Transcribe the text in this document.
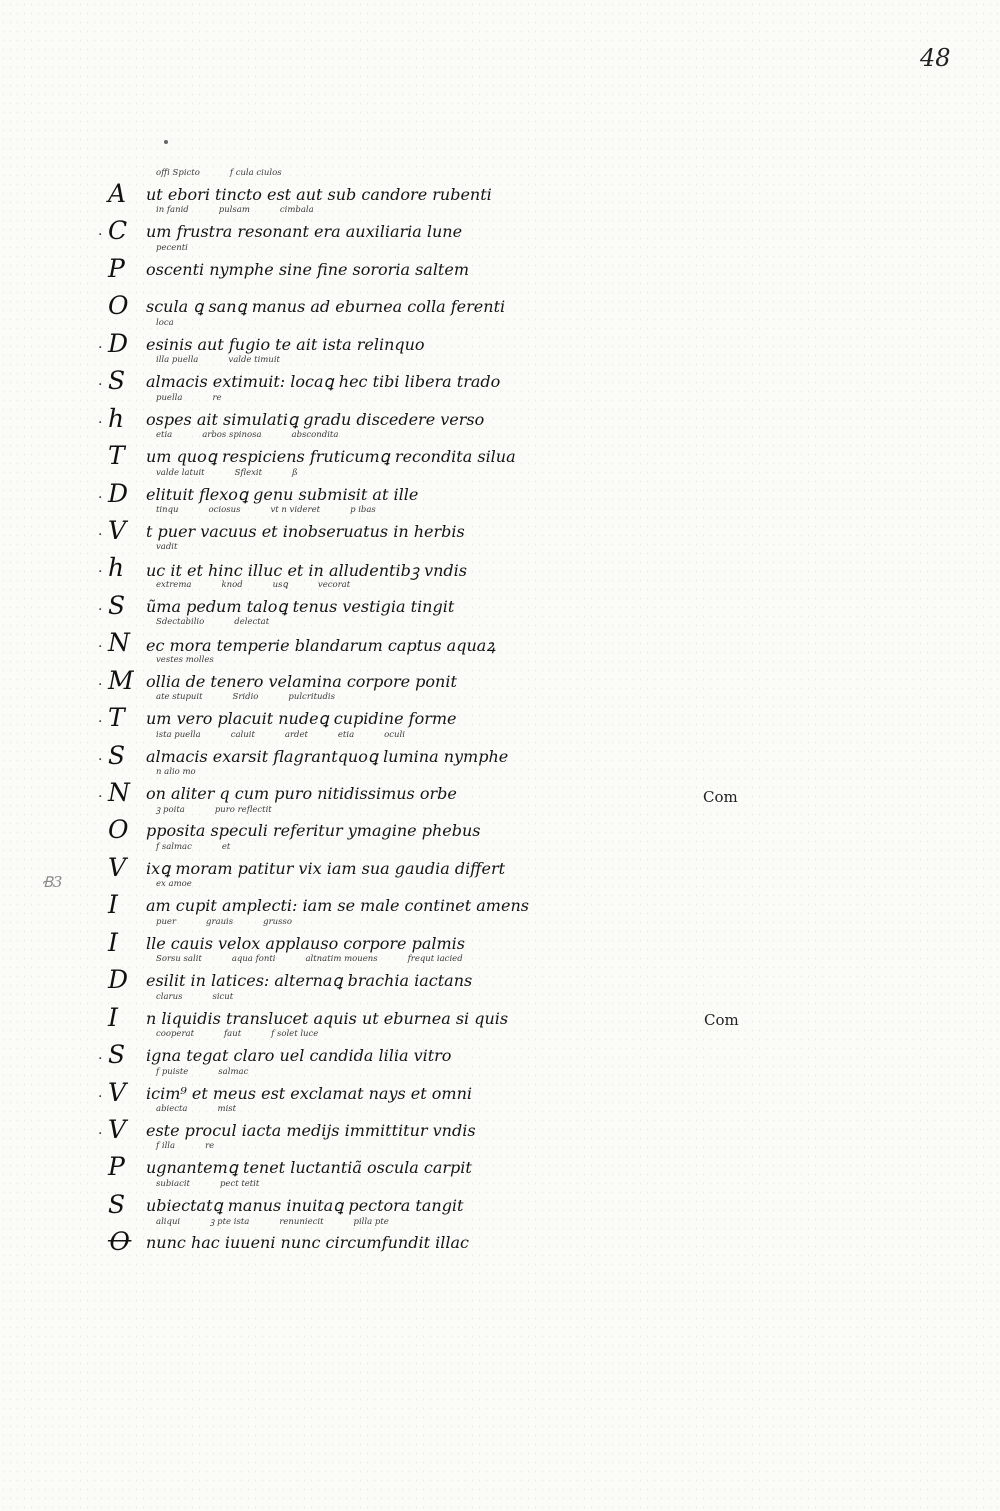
48
Ꞗ3
offi Spicto	f cula ciulos
A	ut ebori tincto est aut sub candore rubenti
in fanid	pulsam	cimbala
· C	um frustra resonant era auxiliaria lune
pecenti
P	oscenti nymphe sine fine sororia saltem
O	scula ꝗ sanꝗ manus ad eburnea colla ferenti
loca
· D	esinis aut fugio te ait ista relinquo
illa puella	valde timuit
· S	almacis extimuit: locaꝗ hec tibi libera trado
puella	re
· h	ospes ait simulatiꝗ gradu discedere verso
etia	arbos spinosa	abscondita
T	um quoꝗ respiciens fruticumꝗ recondita silua
valde latuit	Sflexit	ß
· D	elituit flexoꝗ genu submisit at ille
tinqu	ociosus	vt n videret	p ibas
· V	t puer vacuus et inobseruatus in herbis
vadit
· h	uc it et hinc illuc et in alludentibꝫ vndis
extrema	knod	usꝗ	vecorat
· S	ũma pedum taloꝗ tenus vestigia tingit
Sdectabilio	delectat
· N	ec mora temperie blandarum captus aquaꝝ
vestes molles
· M ollia de tenero velamina corpore ponit
ate stupuit	Sridio	pulcritudis
· T	um vero placuit nudeꝗ cupidine forme
ista puella	caluit	ardet	etia	oculi
· S	almacis exarsit flagrantquoꝗ lumina nymphe
n alio mo
· N	on aliter q cum puro nitidissimus orbe
ꝫ poita	puro reflectit
O	pposita speculi referitur ymagine phebus
f salmac	et
V	ixꝗ moram patitur vix iam sua gaudia differt
ex amoe
I	am cupit amplecti: iam se male continet amens
puer	grauis	grusso
I	lle cauis velox applauso corpore palmis
Sorsu salit	aqua fonti	altnatim mouens	frequt iacied
D	esilit in latices: alternaꝗ brachia iactans
clarus	sicut
I	n liquidis translucet aquis ut eburnea si quis
cooperat	faut	f solet luce
· S	igna tegat claro uel candida lilia vitro
f puiste	salmac
· V	icim⁹ et meus est exclamat nays et omni
abiecta	mist
· V	este procul iacta medijs immittitur vndis
f illa	re
P	ugnantemꝗ tenet luctantiã oscula carpit
subiacit	pect tetit
S	ubiectatꝗ manus inuitaꝗ pectora tangit
aliqui	ꝫ pte ista	renuniecit	pilla pte
Ꝋ nunc hac iuueni nunc circumfundit illac
Com
Com
